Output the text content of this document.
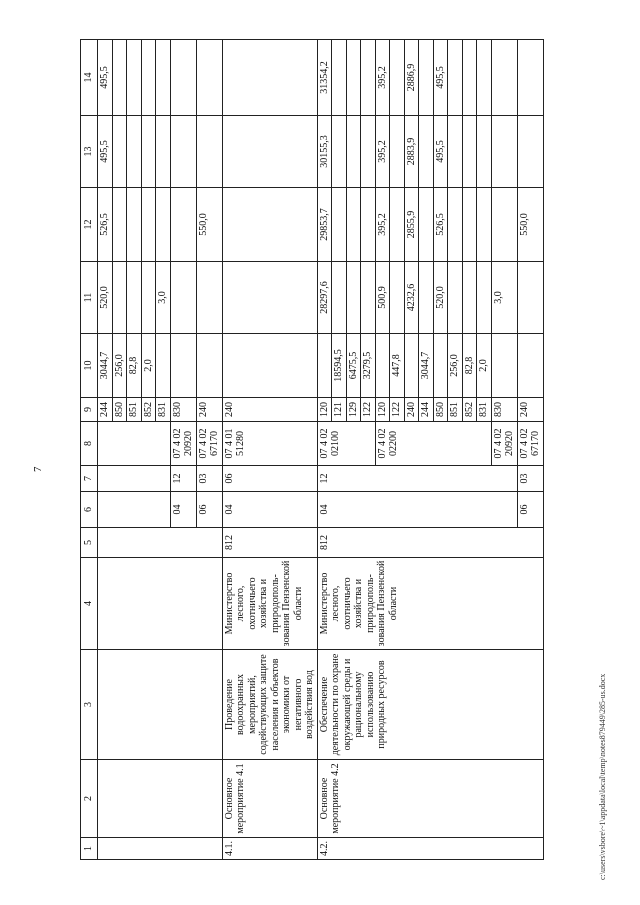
7
c:\users\vsbore\~1\appdata\local\temp\notes879449\285-us.docx
1	2	3	4	5	6	7	8	9	10	11	12	13	14
								244	3044,7	520,0	526,5	495,5	495,5
								850	256,0				
								851	82,8				
								852	2,0				
								831		3,0			
					04	12	07 4 02 20920	830					
					06	03	07 4 02 67170	240			550,0		
4.1.	Основное мероприятие 4.1	Проведение водоохранных мероприятий, содействующих защите населения и объектов экономики от негативного воздействия вод	Министерство лесного, охотничьего хозяйства и природополь-зования Пензенской области	812	04	06	07 4 01 51280	240					
4.2.	Основное мероприятие 4.2	Обеспечение деятельности по охране окружающей среды и рациональному использованию природных ресурсов	Министерство лесного, охотничьего хозяйства и природополь-зования Пензенской области	812	04	12	07 4 02 02100	120		28297,6	29853,7	30155,3	31354,2
								121	18594,5				
								129	6475,5				
								122	3279,5				
							07 4 02 02200	120		500,9	395,2	395,2	395,2
								122	447,8				
								240		4232,6	2855,9	2883,9	2886,9
								244	3044,7				
								850		520,0	526,5	495,5	495,5
								851	256,0				
								852	82,8				
								831	2,0				
							07 4 02 20920	830		3,0			
					06	03	07 4 02 67170	240			550,0		
